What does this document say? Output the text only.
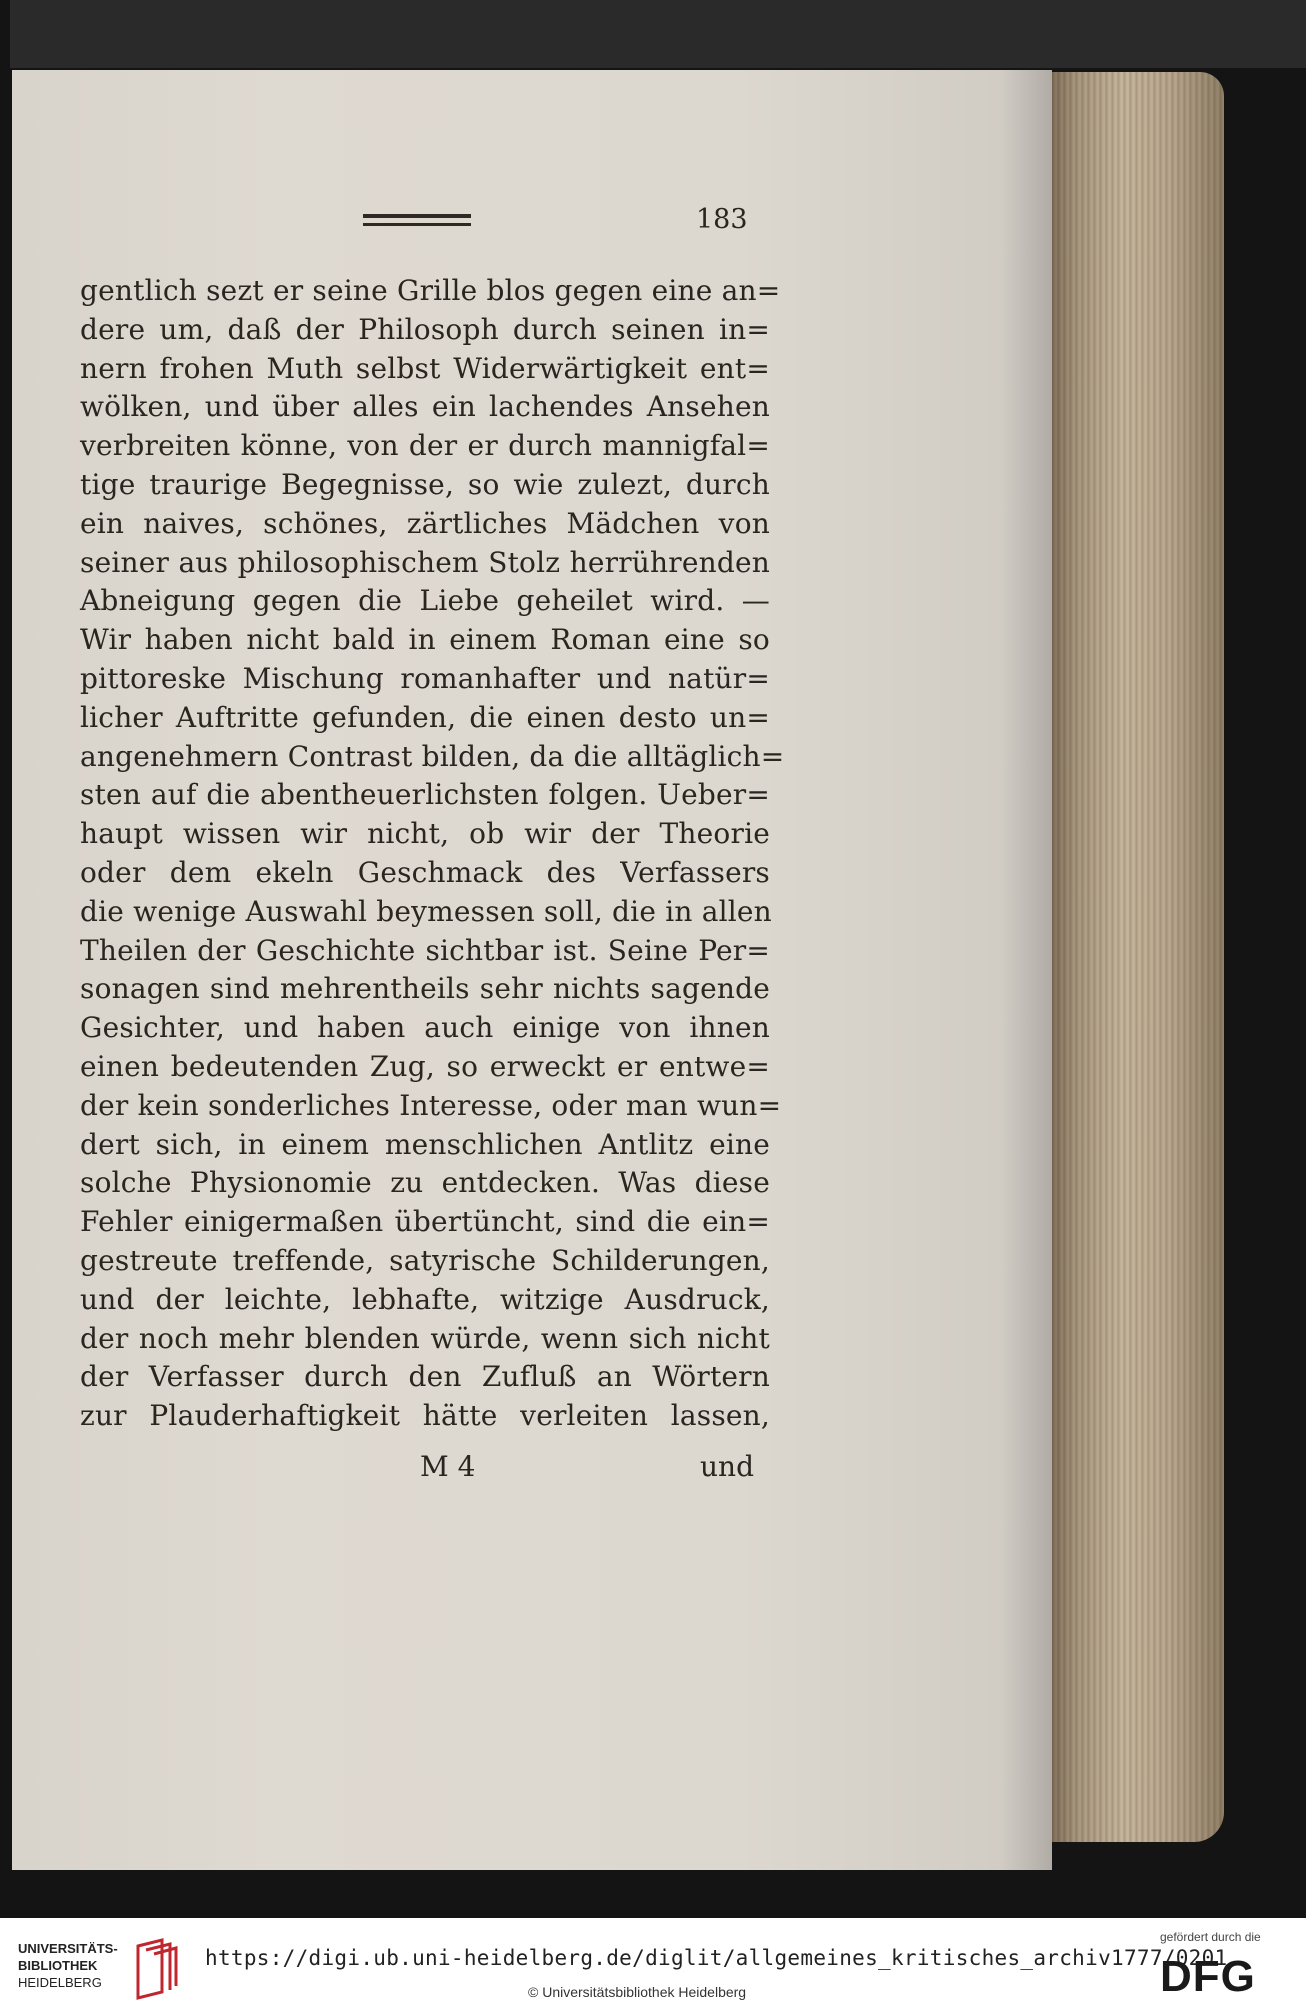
183
gentlich sezt er seine Grille blos gegen eine an=
dere um, daß der Philosoph durch seinen in=
nern frohen Muth selbst Widerwärtigkeit ent=
wölken, und über alles ein lachendes Ansehen
verbreiten könne, von der er durch mannigfal=
tige traurige Begegnisse, so wie zulezt, durch
ein naives, schönes, zärtliches Mädchen von
seiner aus philosophischem Stolz herrührenden
Abneigung gegen die Liebe geheilet wird. —
Wir haben nicht bald in einem Roman eine so
pittoreske Mischung romanhafter und natür=
licher Auftritte gefunden, die einen desto un=
angenehmern Contrast bilden, da die alltäglich=
sten auf die abentheuerlichsten folgen. Ueber=
haupt wissen wir nicht, ob wir der Theorie
oder dem ekeln Geschmack des Verfassers
die wenige Auswahl beymessen soll, die in allen
Theilen der Geschichte sichtbar ist. Seine Per=
sonagen sind mehrentheils sehr nichts sagende
Gesichter, und haben auch einige von ihnen
einen bedeutenden Zug, so erweckt er entwe=
der kein sonderliches Interesse, oder man wun=
dert sich, in einem menschlichen Antlitz eine
solche Physionomie zu entdecken. Was diese
Fehler einigermaßen übertüncht, sind die ein=
gestreute treffende, satyrische Schilderungen,
und der leichte, lebhafte, witzige Ausdruck,
der noch mehr blenden würde, wenn sich nicht
der Verfasser durch den Zufluß an Wörtern
zur Plauderhaftigkeit hätte verleiten lassen,
M 4	und
UNIVERSITÄTS-
BIBLIOTHEK
HEIDELBERG
https://digi.ub.uni-heidelberg.de/diglit/allgemeines_kritisches_archiv1777/0201
© Universitätsbibliothek Heidelberg
gefördert durch die
DFG
